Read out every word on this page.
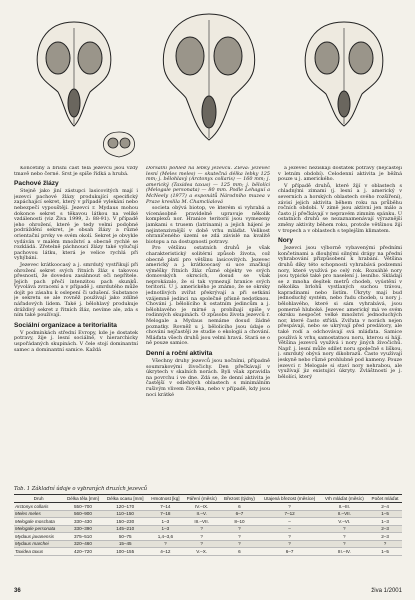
Končetiny a břišní část těla jezevců jsou vždy tmavě nebo černé. Srst je spíše řídká a hrubá.

Pachové žlázy

Stejně jako jiní zástupci lasicovitých mají i jezevci pachové žlázy produkující specifický zapáchající sekret, který v případě vylekání nebo nebezpečí vypouštějí. Jezevci r. Mydaus mohou dokonce sekret s těkavou látkou na veliké vzdálenosti (viz Živa 1999, 2: 88-91). V případě jeho ohrožení, které je tedy velmi podobné podráždění sekret, je obsah žlázy a různé orientační prvky ve svém okolí. Sekret je obvykle vydáván v malém množství a obecně rychlé se rozkládá. Zřetelně páchnoucí žlázy také vylučují pachovou látku, která je velice rychlá při vyhýbání.

Jezevec krátkoocasý a j. smrdutý vystřikují při ohrožení sekret svých řitních žláz s takovou přesností, že dovedou zasáhnout oči nepřítele. Jejich pach přečí intenzitou pach skunků. Vyvolává zvracení a v případě j. smrdutého může dojít po zásahu k oslepení či udušení. Substance je sekretu se ale rovněž používají jako zdílné nářadových lidem. Také j. bělohlavý produkuje dráždivý sekret z řitních žláz, nevíme ale, zda s ním také používají.

Sociální organizace a teritorialita

V podmínkách střední Evropy, kde je dostatek potravy, žije j. lesní sociálně, v hierarchicky uspořádaných skupinách. V čele stojí dominantní samec a dominantní samice. Každá

Dorsální pohled na lebky jezevců. Zleva: jezevec lesní (Meles meles) — skutečná délka lebky 125 mm; j. bělohlavý (Arctonyx collaris) — 160 mm; j. americký (Taxidea taxus) — 125 mm; j. bělolící (Melogale personata) — 80 mm. Podle Lehaguí a McNeely (1977) a exponátů Národního muzea v Praze kreslila M. Chamclialová

societa obývá biotop, ve kterém si vyhrabá a vícenásobně pravidelně upravuje několik komplexů nor. Hranice teritorií jsou vymezeny jamkami s trusem (latrinami) a jejich hájení je nejintenzivnější v době vrhu mláďat. Velikost ohraničeného území se zdá závislé na kvalitě biotopu a na dostupnosti potravy.

Pro většinu ostatních druhů je však charakteristický solitérní způsob života, což obecně platí pro většinu lasicovitých. Jezevec americký a j. krátkoocasý si uce značkují výměšky řitních žláz různé objekty ve svých domovských okrscích, dosud se však neprokázalo, že si tak vymezují hranice svých teritorií. U j. amerického je známo, že se okrsky jednotlivých zvířat překrývají a při setkání vzájemně jedinci na společné přísně nedotknou. Chování j. bělolícího k ostatním jedincům a j. bělohlavého je mírné a probíhají spíše v rodinných skupinách. O způsobu života jezevců r. Melogale a Mydaus nemáme dosud žádné poznatky. Rovněž u j. bělolicího jsou údaje o chování nejčastěji ze studie o ekologii a chování. Mláďata všech druhů jsou velmi hravá. Stará se o ně pouze samice.

Denní a roční aktivita

Všechny druhy jezevců jsou nočními, případně soumrakovými živočichy. Den přečkávají v úkrytech v skalních norách. Byli však zpravidla na povrchu i ve dne. Zdá se, že denní aktivita je častější v odlehlých oblastech s minimálním rušivým vlivem člověka, nebo v případě, kdy jsou noci krátké

a jezevec nezískají dostatek potravy (nejčastěji v letním období). Celodenní aktivita je běžná pouze u j. amerického.

V případě druhů, které žijí v oblastech s chladnými zimami (j. lesní a j. americký v severních a horských oblastech svého rozšíření), závisí jejich aktivita během roku na průběhu ročních období. V zimě jsou aktivní jen málo a často jí přečkávají v nepravém zimním spánku. U ostatních druhů se nezaznamenávají výraznější změny aktivity během roku, protože většinou žijí v tropech a v oblastech s teplejším klimatem.

Nory

Jezevci jsou výborně vybavenými předními končetinami a dlouhými silnými drápy na přední vyhrabování přizpůsobení k hrabání. Většina druhů díky této schopnosti vyhrabává podzemní nory, které využívá po celý rok. Rozsáhlé nory jsou typické také pro naselení j. lesního. Skládají se z mnoha desítek metrů chodeb, vyústění v několika brlohů vystlaných suchou trávou, kapradinami nebo listím. Úkryty mají buď jednoduchý systém, nebo řadu chodeb, u nory j. bělohlavého, které si sám vyhrabává, jsou pomerně hluboké. Jezevec americký má ve svém okrsku nespočet velké množství jednoduchých nor, které často střídá. Zvířata v norách nejen přespávají, nebo se ukrývají před predátory, ale také rodí a odchovávají svá mláďata. Samice používá k vrhu samostatnou noru, kterou si hájí. Většina jezevců využívá i nory jiných živočichů. Např. j. lesní může sdílet noru společně s liškou, j. smrdutý obývá nory dikobrazů. Často využívají jeskyně nebo různé prohlubně pod kameny. Pouze jezevci r. Melogale si staví nory nehrabou, ale využívají jiz existující úkryty. Zvláštností je j. bělolící, který

Tab. 1 Základní údaje o vybraných druzích jezevců
Druh	Délka těla [mm]	Délka ocasu [mm]	Hmotnost [kg]	Páření (měsíc)	Březost (týdny)	Utajená březost (měsíce)	Vrh mláďat (měsíc)	Počet mláďat
Arctonyx collaris	550–700	120–170	7–14	IV.–IX.	6	?	II.–III.	2–4
Meles meles	560–900	110–150	7–18	II.–V.	6–7	7–12	II.–VII.	1–5
Melogale moschata	330–430	150–230	1–3	III.–VII.	8–10	–	V.–VI.	1–3
Melogale personata	330–390	145–210	1–3	?	?	–	?	2–3
Mydaus javanensis	375–510	50–75	1,4–3,6	?	?	?	?	2–3
Mydaus marchei	320–460	15–45	?	?	?	?	?	?
Taxidea taxus	420–720	100–155	4–12	V.–X.	6	6–7	III.–IV.	1–5
36	živa 1/2001
